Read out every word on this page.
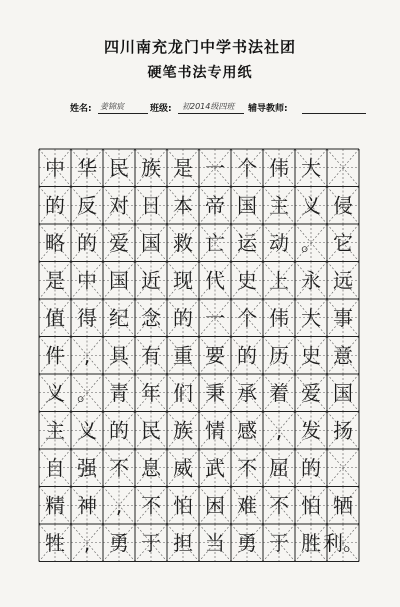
四川南充龙门中学书法社团
硬笔书法专用纸
姓名: 姜锦宸	班级: 初2014级四班 辅导教师:
中 华 民 族 是 一 个 伟 大
的 反 对 日 本 帝 国 主 义 侵
略 的 爱 国 救 亡 运 动 。 它
是 中 国 近 现 代 史 上 永 远
值 得 纪 念 的 一 个 伟 大 事
件 , 具 有 重 要 的 历 史 意
义 。 青 年 们 秉 承 着 爱 国
主 义 的 民 族 情 感 , 发 扬
自 强 不 息 威 武 不 屈 的
精 神 , 不 怕 困 难 不 怕 牺
牲 , 勇 于 担 当 勇 于 胜 利。
